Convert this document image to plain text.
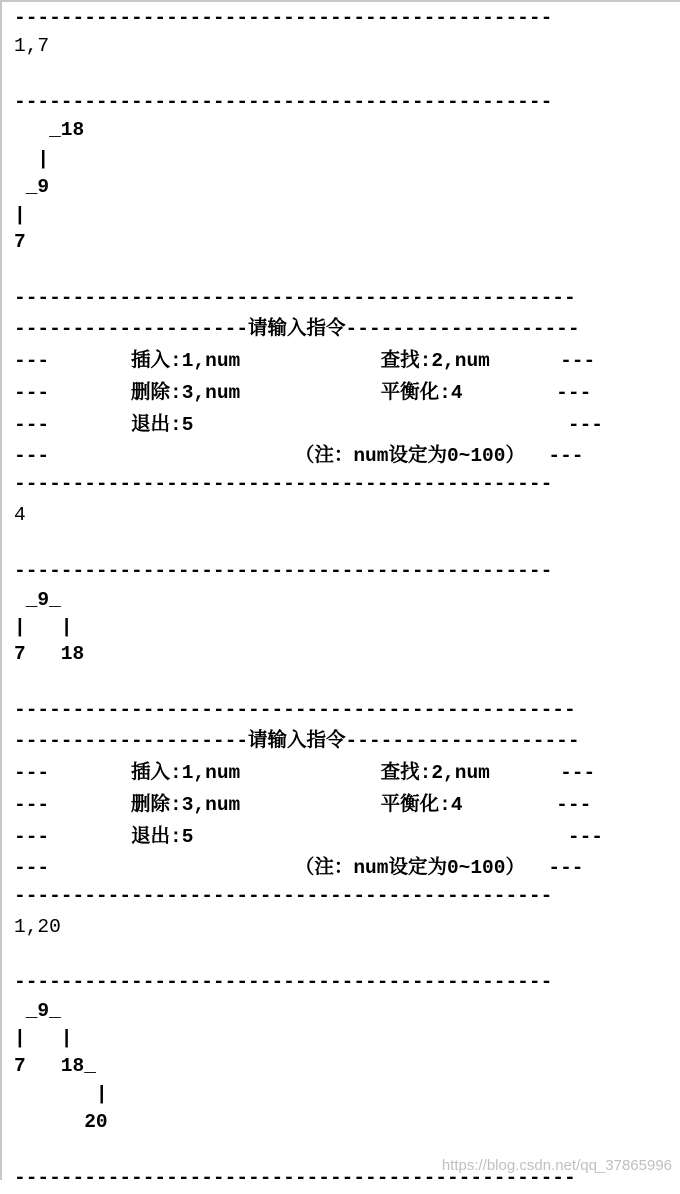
----------------------------------------------
1,7
----------------------------------------------
_18
|
_9
|
7
------------------------------------------------
--------------------请输入指令--------------------
---       插入:1,num            查找:2,num      ---
---       删除:3,num            平衡化:4        ---
---       退出:5                                ---
---                     （注：num设定为0~100）  ---
----------------------------------------------
4
----------------------------------------------
_9_
|   |
7   18
------------------------------------------------
--------------------请输入指令--------------------
---       插入:1,num            查找:2,num      ---
---       删除:3,num            平衡化:4        ---
---       退出:5                                ---
---                     （注：num设定为0~100）  ---
----------------------------------------------
1,20
----------------------------------------------
_9_
|   |
7   18_
|
20
------------------------------------------------
https://blog.csdn.net/qq_37865996
